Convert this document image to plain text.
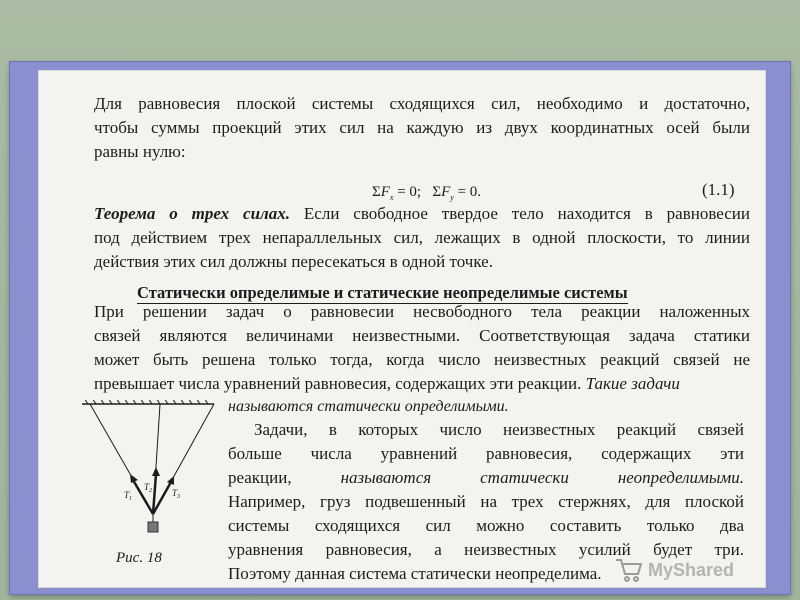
Для равновесия плоской системы сходящихся сил, необходимо и достаточно,
чтобы суммы проекций этих сил на каждую из двух координатных осей были
равны нулю:
$\Sigma F_x = 0$; $\Sigma F_y = 0$.	(1.1)
Теорема о трех силах. Если свободное твердое тело находится в равновесии
под действием трех непараллельных сил, лежащих в одной плоскости, то линии
действия этих сил должны пересекаться в одной точке.
Статически определимые и статические неопределимые системы
При решении задач о равновесии несвободного тела реакции наложенных
связей являются величинами неизвестными. Соответствующая задача статики
может быть решена только тогда, когда число неизвестных реакций связей не
превышает числа уравнений равновесия, содержащих эти реакции. Такие задачи
называются статически определимыми.
Задачи, в которых число неизвестных реакций связей
больше числа уравнений равновесия, содержащих эти
реакции,	называются статически неопределимыми.
Например, груз подвешенный на трех стержнях, для плоской
системы сходящихся сил можно составить только два
уравнения равновесия, а неизвестных усилий будет три.
Поэтому данная система статически неопределима.
$T_1$
$T_2$ $T_3$
Рис. 18
MyShared
